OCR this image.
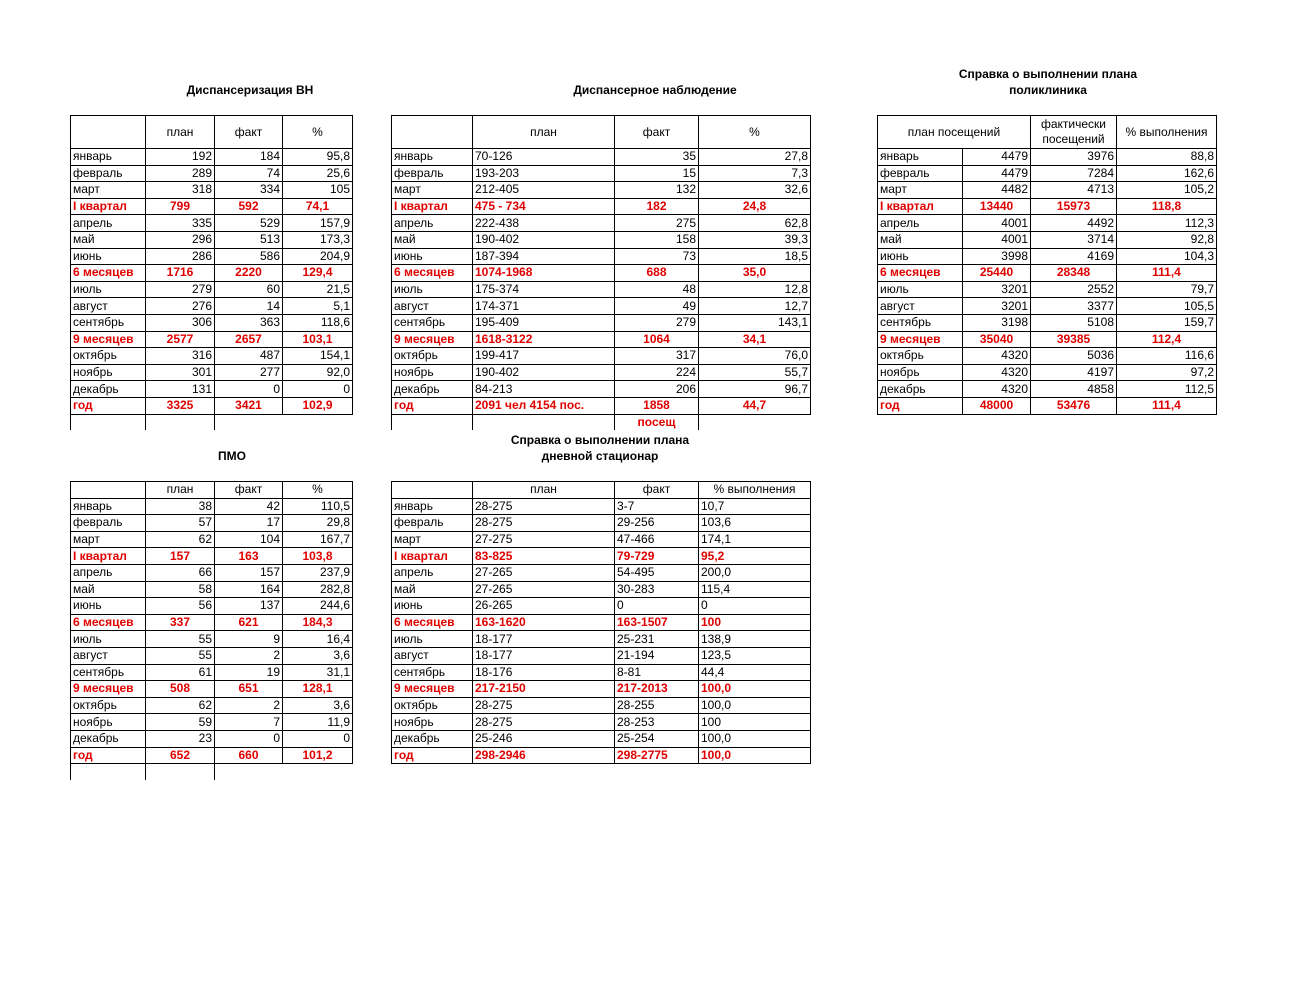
Диспансеризация ВН	Диспансерное наблюдение
Справка о выполнении плана
поликлиника
ПМО
Справка о выполнении плана
дневной стационар
	план	факт	%
январь	192	184	95,8
февраль	289	74	25,6
март	318	334	105
I квартал	799	592	74,1
апрель	335	529	157,9
май	296	513	173,3
июнь	286	586	204,9
6 месяцев	1716	2220	129,4
июль	279	60	21,5
август	276	14	5,1
сентябрь	306	363	118,6
9 месяцев	2577	2657	103,1
октябрь	316	487	154,1
ноябрь	301	277	92,0
декабрь	131	0	0
год	3325	3421	102,9

	план	факт	%
январь	70-126	35	27,8
февраль	193-203	15	7,3
март	212-405	132	32,6
I квартал	475 - 734	182	24,8
апрель	222-438	275	62,8
май	190-402	158	39,3
июнь	187-394	73	18,5
6 месяцев	1074-1968	688	35,0
июль	175-374	48	12,8
август	174-371	49	12,7
сентябрь	195-409	279	143,1
9 месяцев	1618-3122	1064	34,1
октябрь	199-417	317	76,0
ноябрь	190-402	224	55,7
декабрь	84-213	206	96,7
год	2091 чел 4154 пос.	1858	44,7
		посещ	
план посещений		фактически посещений	% выполнения
январь	4479	3976	88,8
февраль	4479	7284	162,6
март	4482	4713	105,2
I квартал	13440	15973	118,8
апрель	4001	4492	112,3
май	4001	3714	92,8
июнь	3998	4169	104,3
6 месяцев	25440	28348	111,4
июль	3201	2552	79,7
август	3201	3377	105,5
сентябрь	3198	5108	159,7
9 месяцев	35040	39385	112,4
октябрь	4320	5036	116,6
ноябрь	4320	4197	97,2
декабрь	4320	4858	112,5
год	48000	53476	111,4
	план	факт	%
январь	38	42	110,5
февраль	57	17	29,8
март	62	104	167,7
I квартал	157	163	103,8
апрель	66	157	237,9
май	58	164	282,8
июнь	56	137	244,6
6 месяцев	337	621	184,3
июль	55	9	16,4
август	55	2	3,6
сентябрь	61	19	31,1
9 месяцев	508	651	128,1
октябрь	62	2	3,6
ноябрь	59	7	11,9
декабрь	23	0	0
год	652	660	101,2

	план	факт	% выполнения
январь	28-275	3-7	10,7
февраль	28-275	29-256	103,6
март	27-275	47-466	174,1
I квартал	83-825	79-729	95,2
апрель	27-265	54-495	200,0
май	27-265	30-283	115,4
июнь	26-265	0	0
6 месяцев	163-1620	163-1507	100
июль	18-177	25-231	138,9
август	18-177	21-194	123,5
сентябрь	18-176	8-81	44,4
9 месяцев	217-2150	217-2013	100,0
октябрь	28-275	28-255	100,0
ноябрь	28-275	28-253	100
декабрь	25-246	25-254	100,0
год	298-2946	298-2775	100,0
